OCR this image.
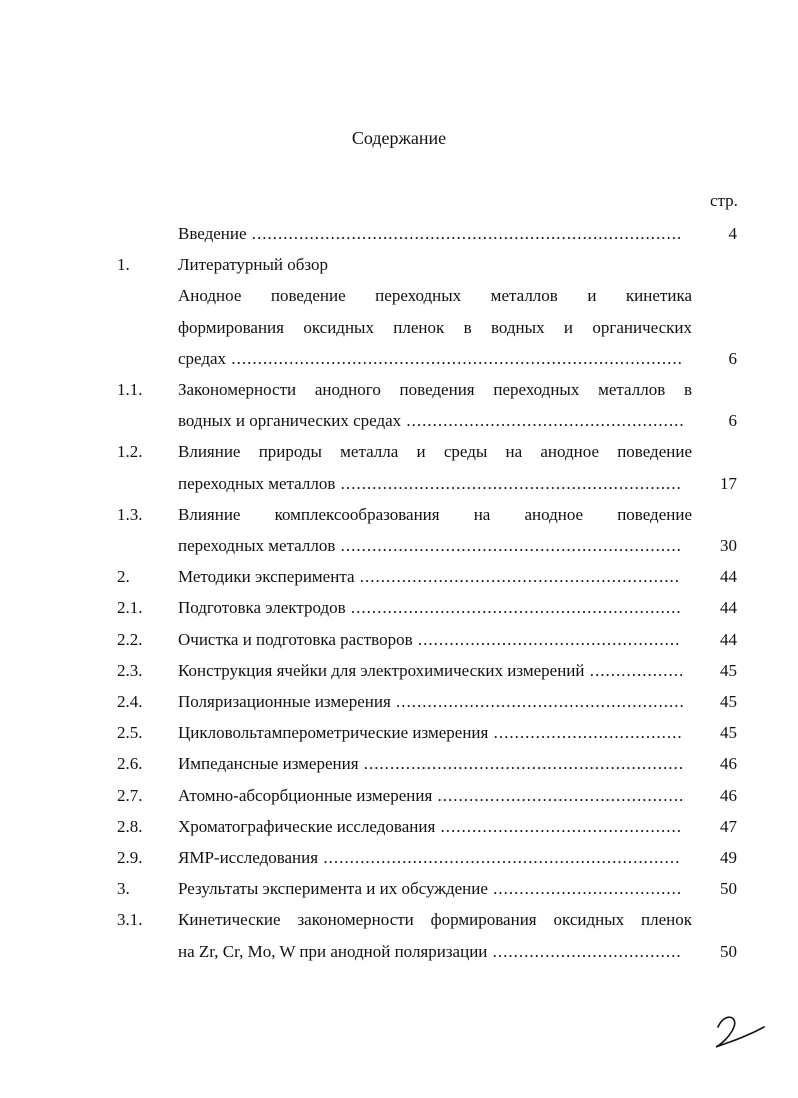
Содержание
стр.
Введение ..................................................................................	4
1.	Литературный обзор
Анодное поведение переходных металлов и кинетика
формирования оксидных пленок в водных и органических
средах ......................................................................................	6
1.1. Закономерности анодного поведения переходных металлов в
водных и органических средах .....................................................	6
1.2. Влияние природы металла и среды на анодное поведение
переходных металлов .................................................................	17
1.3. Влияние комплексообразования на анодное поведение
переходных металлов .................................................................	30
2.	Методики эксперимента .............................................................	44
2.1. Подготовка электродов ...............................................................	44
2.2. Очистка и подготовка растворов ..................................................	44
2.3. Конструкция ячейки для электрохимических измерений ..................	45
2.4. Поляризационные измерения .......................................................	45
2.5. Цикловольтамперометрические измерения ....................................	45
2.6. Импедансные измерения .............................................................	46
2.7. Атомно-абсорбционные измерения ...............................................	46
2.8. Хроматографические исследования ..............................................	47
2.9. ЯМР-исследования ....................................................................	49
3.	Результаты эксперимента и их обсуждение ....................................	50
3.1. Кинетические закономерности формирования оксидных пленок
на Zr, Cr, Mo, W при анодной поляризации ....................................	50
